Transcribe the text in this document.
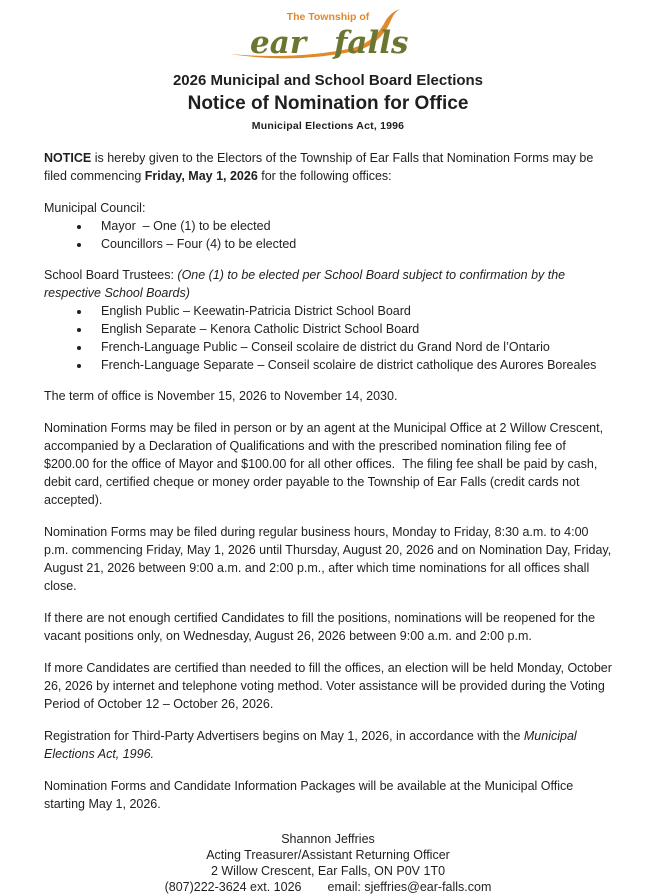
The Township of
ear falls
2026 Municipal and School Board Elections
Notice of Nomination for Office
Municipal Elections Act, 1996

NOTICE is hereby given to the Electors of the Township of Ear Falls that Nomination Forms may be filed commencing Friday, May 1, 2026 for the following offices:

Municipal Council:

• Mayor  – One (1) to be elected
• Councillors – Four (4) to be elected

School Board Trustees: (One (1) to be elected per School Board subject to confirmation by the respective School Boards)

• English Public – Keewatin-Patricia District School Board
• English Separate – Kenora Catholic District School Board
• French-Language Public – Conseil scolaire de district du Grand Nord de l’Ontario
• French-Language Separate – Conseil scolaire de district catholique des Aurores Boreales

The term of office is November 15, 2026 to November 14, 2030.

Nomination Forms may be filed in person or by an agent at the Municipal Office at 2 Willow Crescent, accompanied by a Declaration of Qualifications and with the prescribed nomination filing fee of $200.00 for the office of Mayor and $100.00 for all other offices.  The filing fee shall be paid by cash, debit card, certified cheque or money order payable to the Township of Ear Falls (credit cards not accepted).

Nomination Forms may be filed during regular business hours, Monday to Friday, 8:30 a.m. to 4:00 p.m. commencing Friday, May 1, 2026 until Thursday, August 20, 2026 and on Nomination Day, Friday, August 21, 2026 between 9:00 a.m. and 2:00 p.m., after which time nominations for all offices shall close.

If there are not enough certified Candidates to fill the positions, nominations will be reopened for the vacant positions only, on Wednesday, August 26, 2026 between 9:00 a.m. and 2:00 p.m.

If more Candidates are certified than needed to fill the offices, an election will be held Monday, October 26, 2026 by internet and telephone voting method. Voter assistance will be provided during the Voting Period of October 12 – October 26, 2026.

Registration for Third-Party Advertisers begins on May 1, 2026, in accordance with the Municipal Elections Act, 1996.

Nomination Forms and Candidate Information Packages will be available at the Municipal Office starting May 1, 2026.

Shannon Jeffries
Acting Treasurer/Assistant Returning Officer
2 Willow Crescent, Ear Falls, ON P0V 1T0
(807)222-3624 ext. 1026 email: sjeffries@ear-falls.com
